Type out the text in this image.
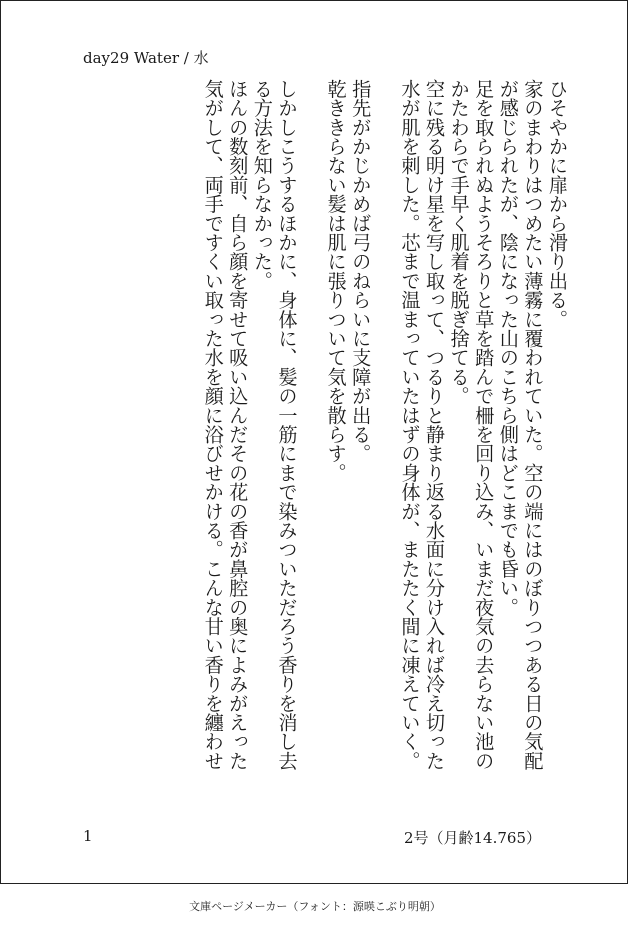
day29 Water / 水

ひそやかに扉から滑り出る。

家のまわりはつめたい薄霧に覆われていた。空の端にはのぼりつつある日の気配

が感じられたが、陰になった山のこちら側はどこまでも昏い。

足を取られぬようそろりと草を踏んで柵を回り込み、いまだ夜気の去らない池の

かたわらで手早く肌着を脱ぎ捨てる。

空に残る明け星を写し取って、つるりと静まり返る水面に分け入れば冷え切った

水が肌を刺した。芯まで温まっていたはずの身体が、またたく間に凍えていく。

指先がかじかめば弓のねらいに支障が出る。

乾ききらない髪は肌に張りついて気を散らす。

しかしこうするほかに、身体に、髪の一筋にまで染みついただろう香りを消し去

る方法を知らなかった。

ほんの数刻前、自ら顔を寄せて吸い込んだその花の香が鼻腔の奥によみがえった

気がして、両手ですくい取った水を顔に浴びせかける。こんな甘い香りを纏わせ

1	2号（月齢14.765）
文庫ページメーカー（フォント：源暎こぶり明朝）
